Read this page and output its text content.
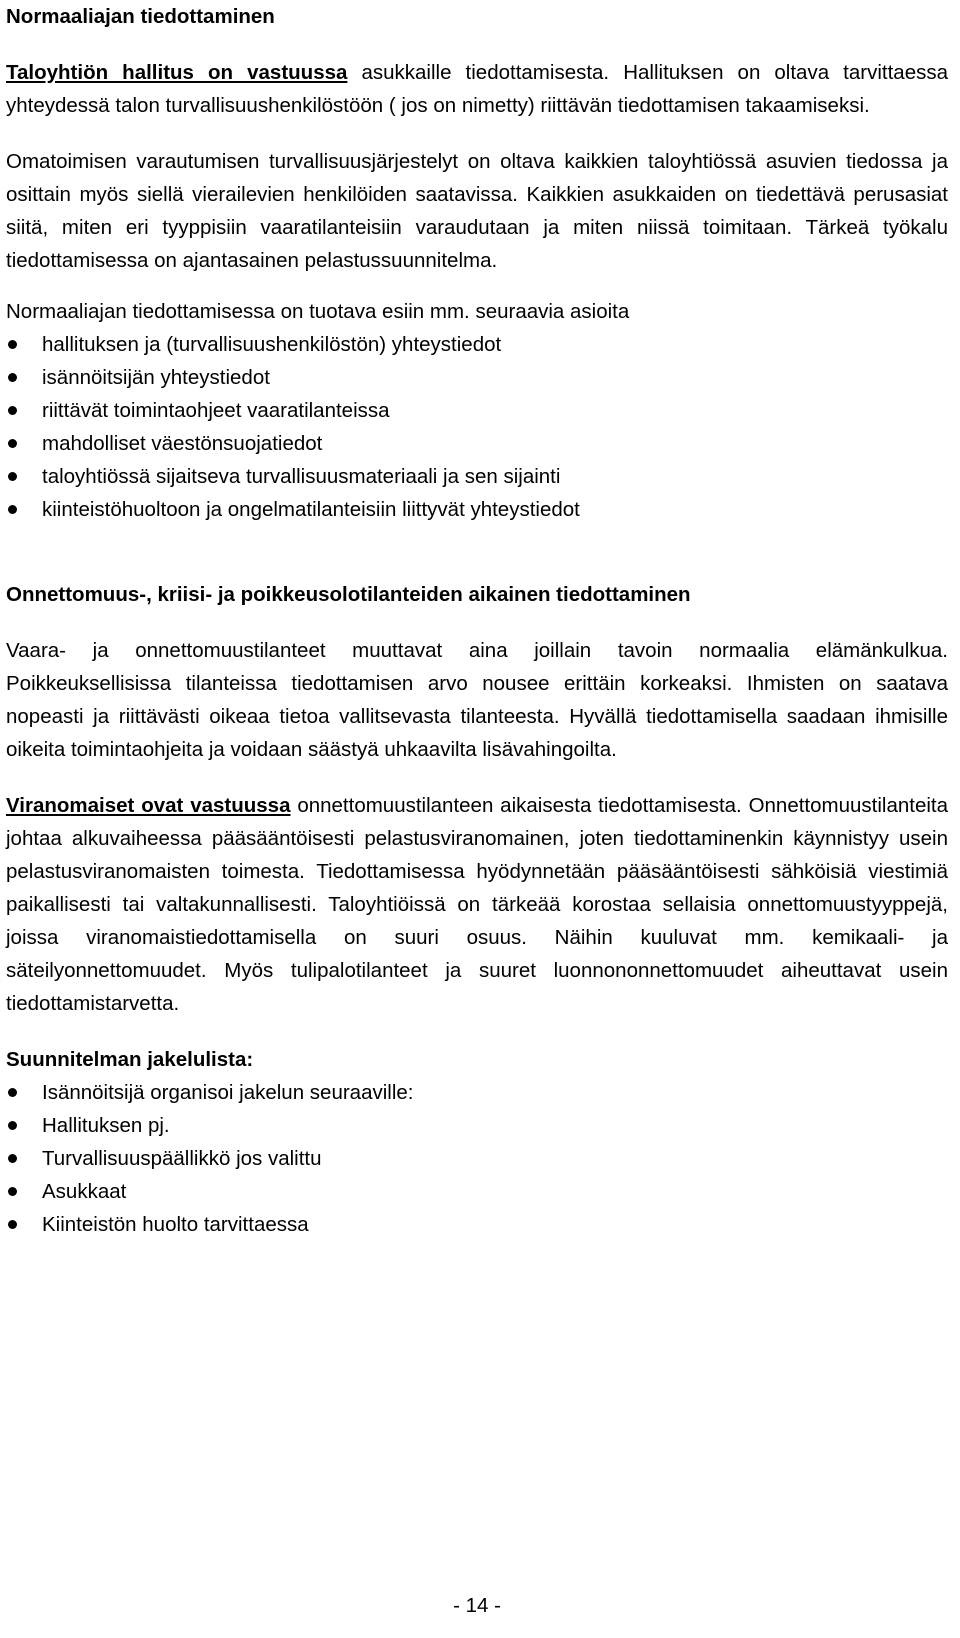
Normaaliajan tiedottaminen

Taloyhtiön hallitus on vastuussa asukkaille tiedottamisesta. Hallituksen on oltava tarvittaessa yhteydessä talon turvallisuushenkilöstöön ( jos on nimetty) riittävän tiedottamisen takaamiseksi.

Omatoimisen varautumisen turvallisuusjärjestelyt on oltava kaikkien taloyhtiössä asuvien tiedossa ja osittain myös siellä vierailevien henkilöiden saatavissa. Kaikkien asukkaiden on tiedettävä perusasiat siitä, miten eri tyyppisiin vaaratilanteisiin varaudutaan ja miten niissä toimitaan. Tärkeä työkalu tiedottamisessa on ajantasainen pelastussuunnitelma.

Normaaliajan tiedottamisessa on tuotava esiin mm. seuraavia asioita

hallituksen ja (turvallisuushenkilöstön) yhteystiedot
isännöitsijän yhteystiedot
riittävät toimintaohjeet vaaratilanteissa
mahdolliset väestönsuojatiedot
taloyhtiössä sijaitseva turvallisuusmateriaali ja sen sijainti
kiinteistöhuoltoon ja ongelmatilanteisiin liittyvät yhteystiedot
Onnettomuus-, kriisi- ja poikkeusolotilanteiden aikainen tiedottaminen

Vaara- ja onnettomuustilanteet muuttavat aina joillain tavoin normaalia elämänkulkua. Poikkeuksellisissa tilanteissa tiedottamisen arvo nousee erittäin korkeaksi. Ihmisten on saatava nopeasti ja riittävästi oikeaa tietoa vallitsevasta tilanteesta. Hyvällä tiedottamisella saadaan ihmisille oikeita toimintaohjeita ja voidaan säästyä uhkaavilta lisävahingoilta.

Viranomaiset ovat vastuussa onnettomuustilanteen aikaisesta tiedottamisesta. Onnettomuustilanteita johtaa alkuvaiheessa pääsääntöisesti pelastusviranomainen, joten tiedottaminenkin käynnistyy usein pelastusviranomaisten toimesta. Tiedottamisessa hyödynnetään pääsääntöisesti sähköisiä viestimiä paikallisesti tai valtakunnallisesti. Taloyhtiöissä on tärkeää korostaa sellaisia onnettomuustyyppejä, joissa viranomaistiedottamisella on suuri osuus. Näihin kuuluvat mm. kemikaali- ja säteilyonnettomuudet. Myös tulipalotilanteet ja suuret luonnononnettomuudet aiheuttavat usein tiedottamistarvetta.

Suunnitelman jakelulista:
Isännöitsijä organisoi jakelun seuraaville:
Hallituksen pj.
Turvallisuuspäällikkö jos valittu
Asukkaat
Kiinteistön huolto tarvittaessa
- 14 -
